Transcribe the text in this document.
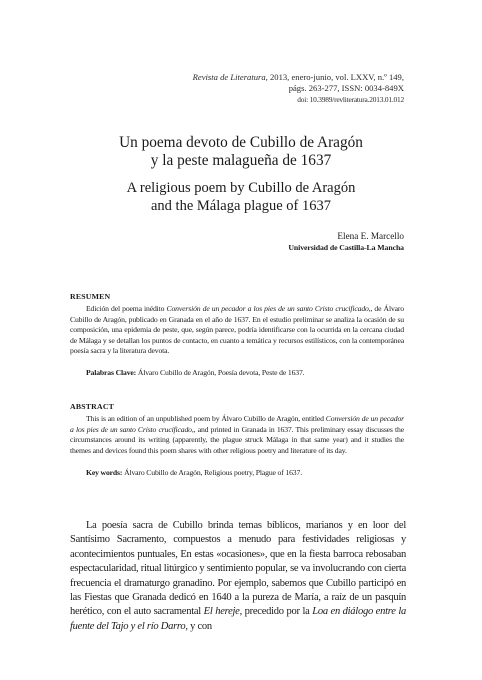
Revista de Literatura, 2013, enero-junio, vol. LXXV, n.º 149,
págs. 263-277, ISSN: 0034-849X
doi: 10.3989/revliteratura.2013.01.012
Un poema devoto de Cubillo de Aragón
y la peste malagueña de 1637
A religious poem by Cubillo de Aragón
and the Málaga plague of 1637
Elena E. Marcello
Universidad de Castilla-La Mancha
RESUMEN

Edición del poema inédito Conversión de un pecador a los pies de un santo Cristo crucificado,, de Álvaro Cubillo de Aragón, publicado en Granada en el año de 1637. En el estudio preliminar se analiza la ocasión de su composición, una epidemia de peste, que, según parece, podría identificarse con la ocurrida en la cercana ciudad de Málaga y se detallan los puntos de contacto, en cuanto a temática y recursos estilísticos, con la contemporánea poesía sacra y la literatura devota.

Palabras Clave: Álvaro Cubillo de Aragón, Poesía devota, Peste de 1637.
ABSTRACT

This is an edition of an unpublished poem by Álvaro Cubillo de Aragón, entitled Conversión de un pecador a los pies de un santo Cristo crucificado,, and printed in Granada in 1637. This preliminary essay discusses the circumstances around its writing (apparently, the plague struck Málaga in that same year) and it studies the themes and devices found this poem shares with other religious poetry and literature of its day.

Key words: Álvaro Cubillo de Aragón, Religious poetry, Plague of 1637.

La poesía sacra de Cubillo brinda temas bíblicos, marianos y en loor del Santísimo Sacramento, compuestos a menudo para festividades religiosas y acontecimientos puntuales, En estas «ocasiones», que en la fiesta barroca rebosaban espectacularidad, ritual litúrgico y sentimiento popular, se va involucrando con cierta frecuencia el dramaturgo granadino. Por ejemplo, sabemos que Cubillo participó en las Fiestas que Granada dedicó en 1640 a la pureza de María, a raíz de un pasquín herético, con el auto sacramental El hereje, precedido por la Loa en diálogo entre la fuente del Tajo y el río Darro, y con
